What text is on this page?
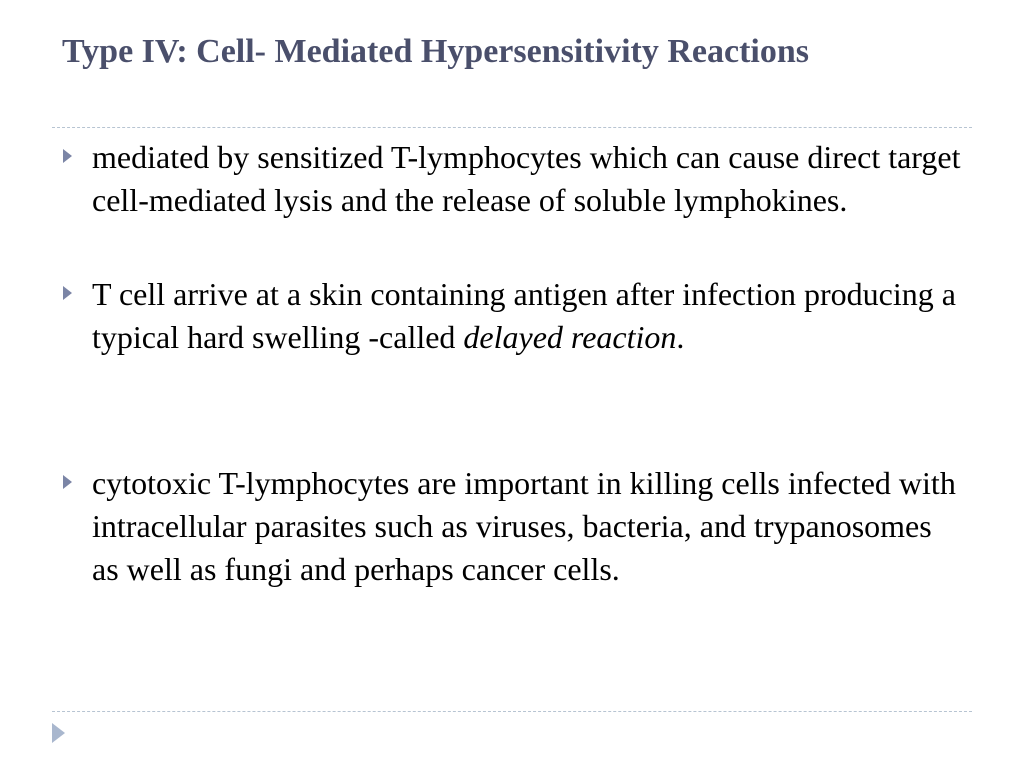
Type IV: Cell- Mediated Hypersensitivity Reactions
mediated by sensitized T-lymphocytes which can cause direct target cell-mediated lysis and the release of soluble lymphokines.
T cell arrive at a skin containing antigen after infection producing a typical hard swelling -called delayed reaction.
cytotoxic T-lymphocytes are important in killing cells infected with intracellular parasites such as viruses, bacteria, and trypanosomes as well as fungi and perhaps cancer cells.
